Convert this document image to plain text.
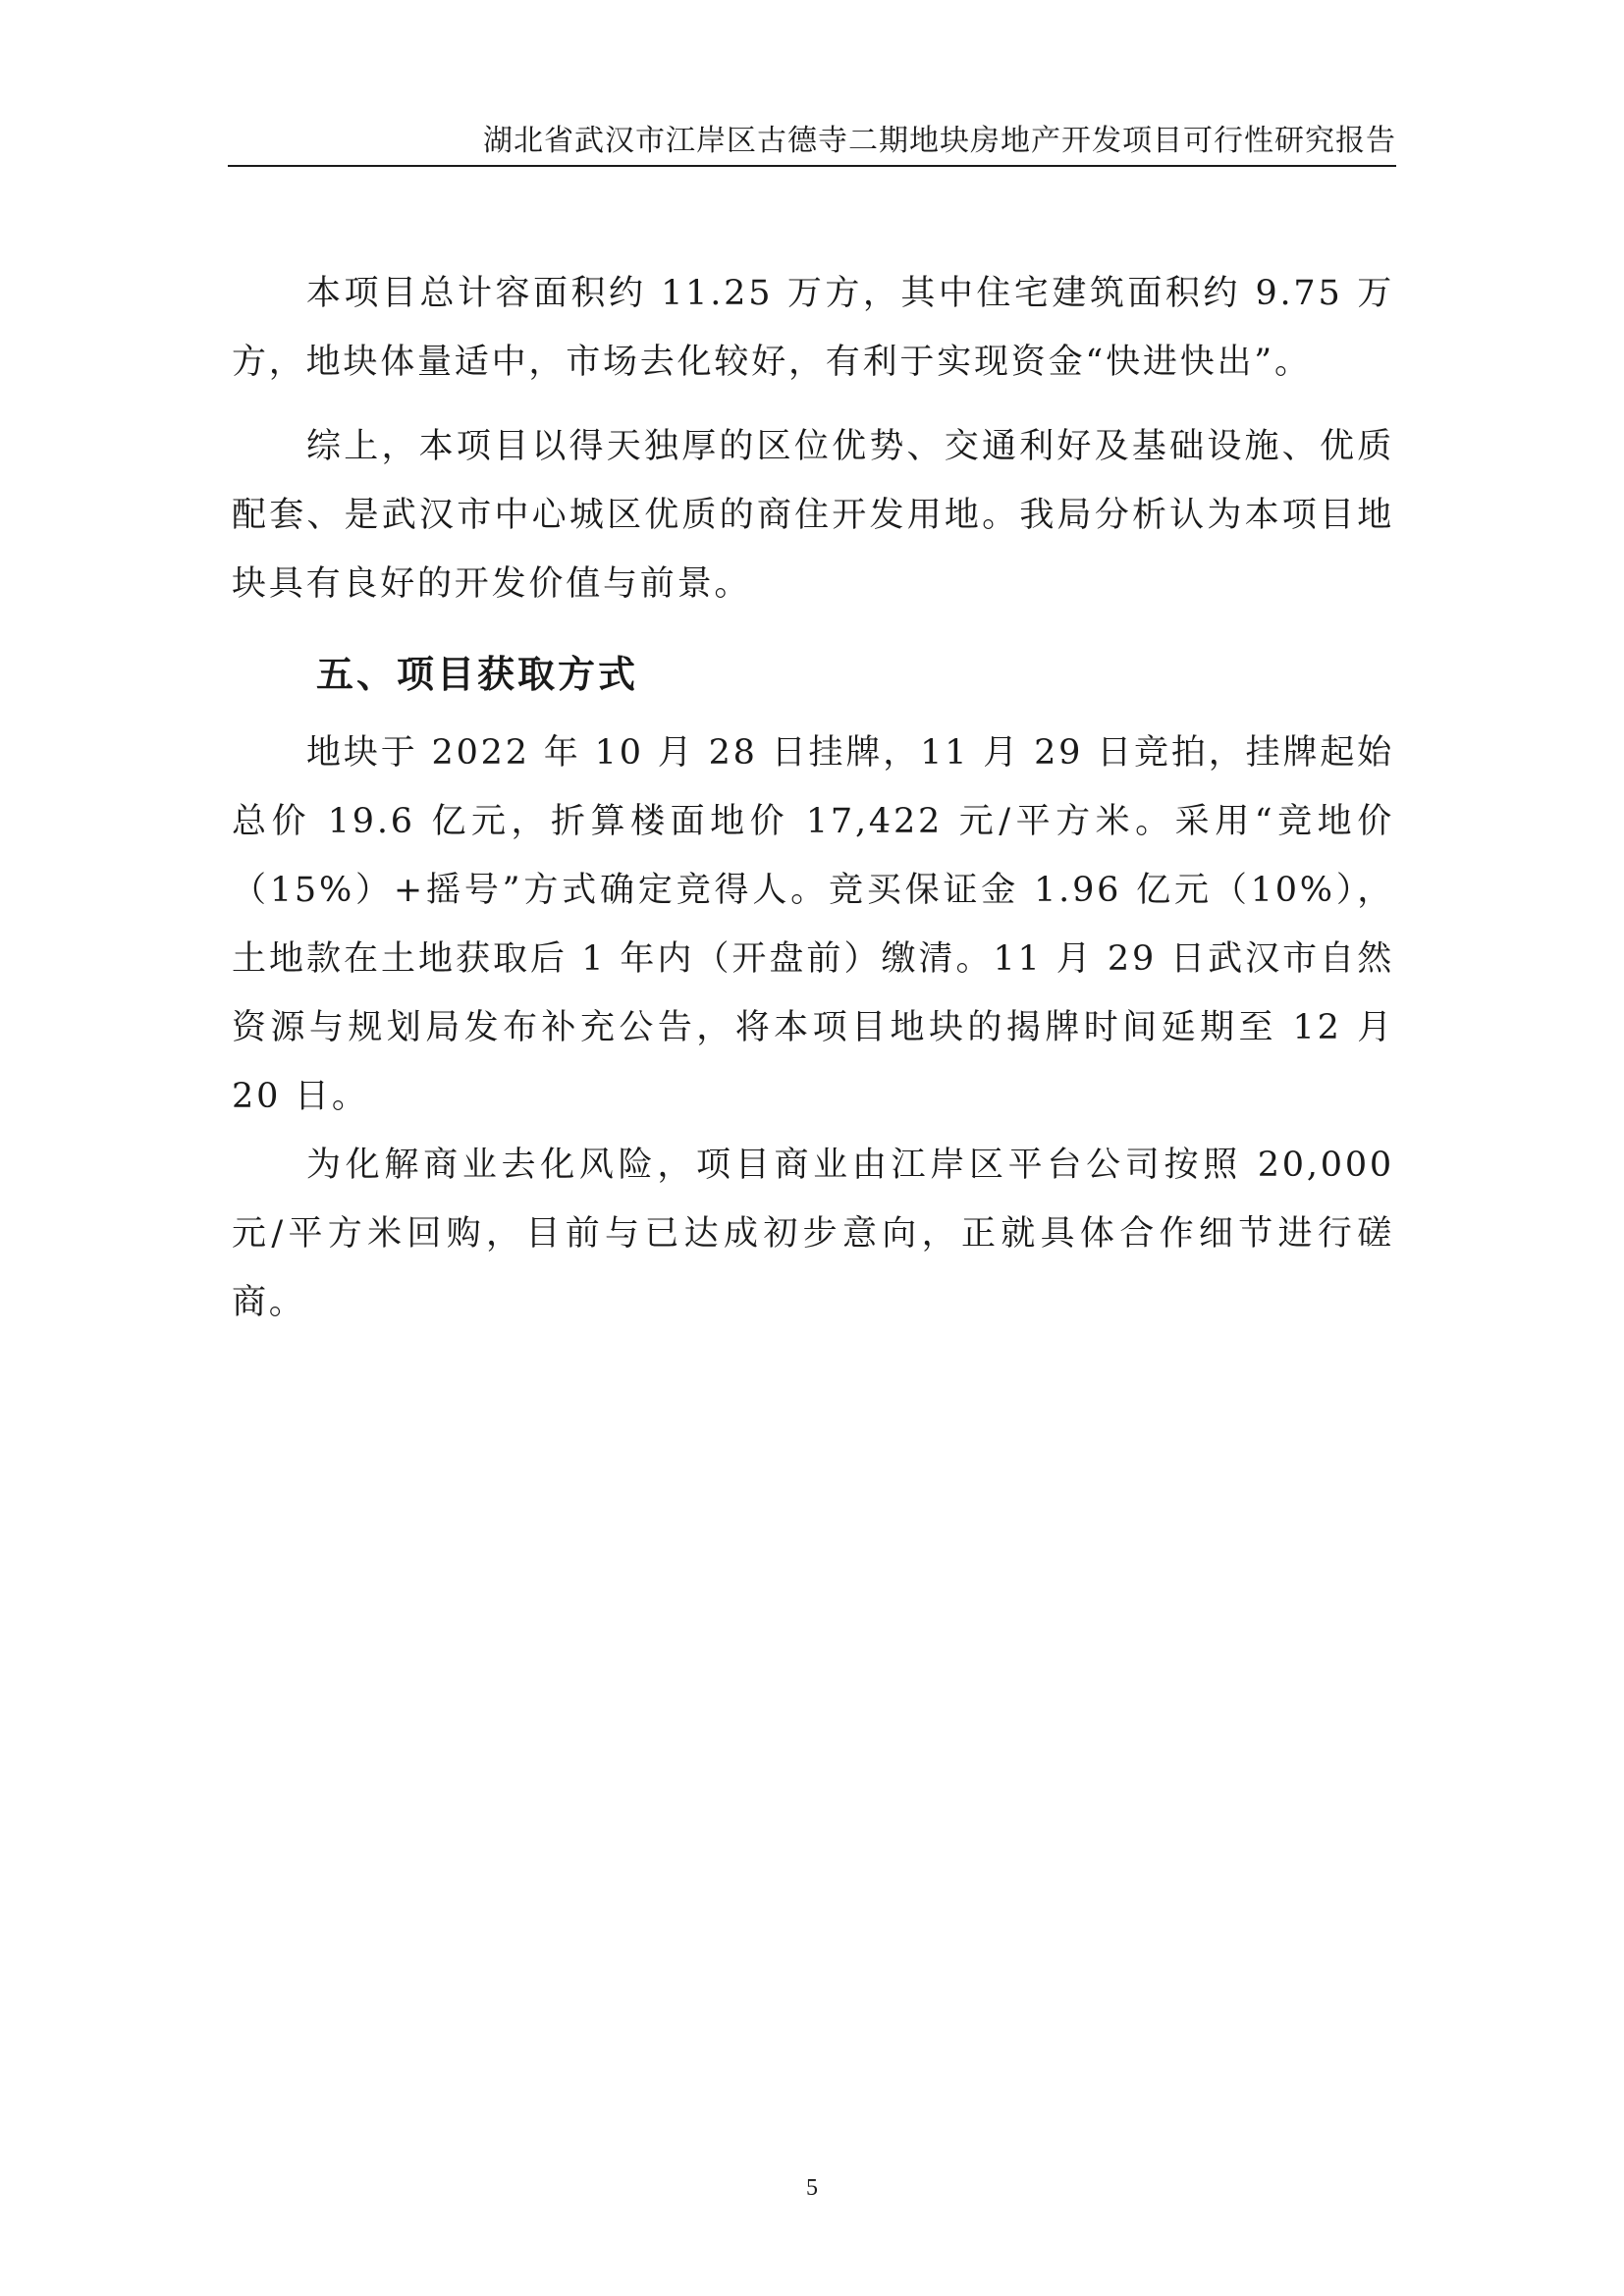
湖北省武汉市江岸区古德寺二期地块房地产开发项目可行性研究报告

本项目总计容面积约 11.25 万方，其中住宅建筑面积约 9.75 万方，地块体量适中，市场去化较好，有利于实现资金“快进快出”。

综上，本项目以得天独厚的区位优势、交通利好及基础设施、优质配套、是武汉市中心城区优质的商住开发用地。我局分析认为本项目地块具有良好的开发价值与前景。

五、项目获取方式

地块于 2022 年 10 月 28 日挂牌，11 月 29 日竞拍，挂牌起始总价 19.6 亿元，折算楼面地价 17,422 元/平方米。采用“竞地价（15%）+摇号”方式确定竞得人。竞买保证金 1.96 亿元（10%），土地款在土地获取后 1 年内（开盘前）缴清。11 月 29 日武汉市自然资源与规划局发布补充公告，将本项目地块的揭牌时间延期至 12 月 20 日。

为化解商业去化风险，项目商业由江岸区平台公司按照 20,000 元/平方米回购，目前与已达成初步意向，正就具体合作细节进行磋商。

5
